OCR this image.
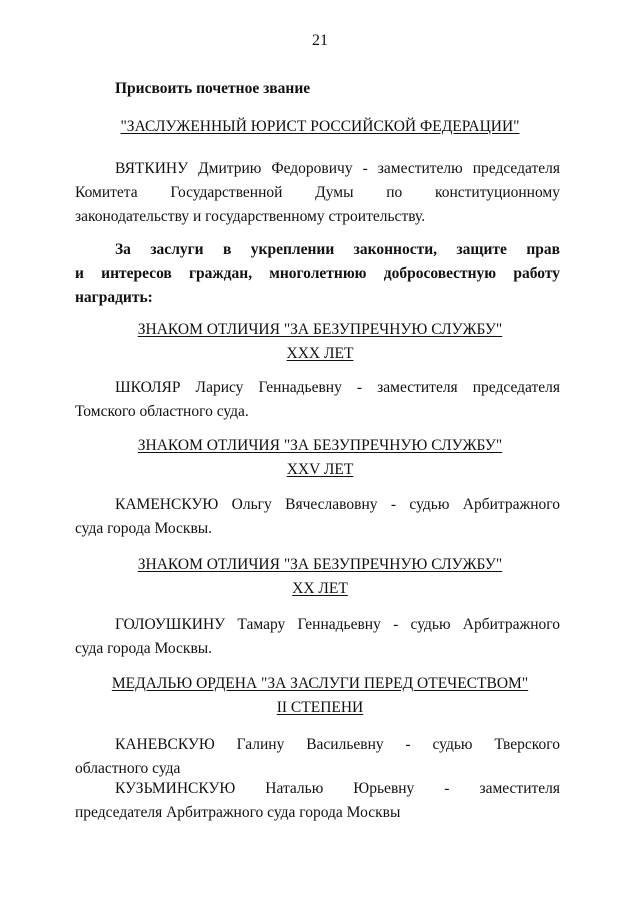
21
Присвоить почетное звание
"ЗАСЛУЖЕННЫЙ ЮРИСТ РОССИЙСКОЙ ФЕДЕРАЦИИ"
ВЯТКИНУ Дмитрию Федоровичу - заместителю председателя
Комитета Государственной Думы по конституционному
законодательству и государственному строительству.
За заслуги в укреплении законности, защите прав
и интересов граждан, многолетнюю добросовестную работу
наградить:
ЗНАКОМ ОТЛИЧИЯ "ЗА БЕЗУПРЕЧНУЮ СЛУЖБУ"
XXX ЛЕТ
ШКОЛЯР Ларису Геннадьевну - заместителя председателя
Томского областного суда.
ЗНАКОМ ОТЛИЧИЯ "ЗА БЕЗУПРЕЧНУЮ СЛУЖБУ"
XXV ЛЕТ
КАМЕНСКУЮ Ольгу Вячеславовну - судью Арбитражного
суда города Москвы.
ЗНАКОМ ОТЛИЧИЯ "ЗА БЕЗУПРЕЧНУЮ СЛУЖБУ"
XX ЛЕТ
ГОЛОУШКИНУ Тамару Геннадьевну - судью Арбитражного
суда города Москвы.
МЕДАЛЬЮ ОРДЕНА "ЗА ЗАСЛУГИ ПЕРЕД ОТЕЧЕСТВОМ"
II СТЕПЕНИ
КАНЕВСКУЮ Галину Васильевну - судью Тверского
областного суда
КУЗЬМИНСКУЮ Наталью Юрьевну - заместителя
председателя Арбитражного суда города Москвы
